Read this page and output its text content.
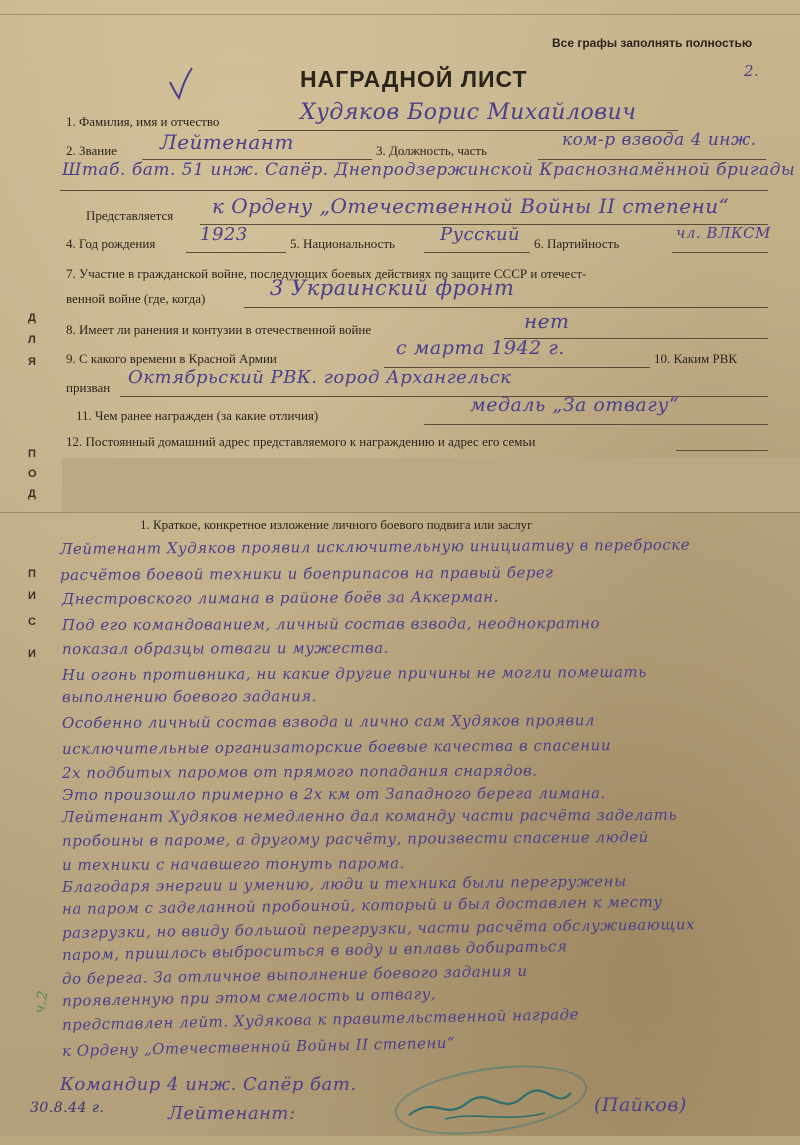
Все графы заполнять полностью
НАГРАДНОЙ ЛИСТ	2.
1. Фамилия, имя и отчество	Худяков Борис Михайлович
2. Звание Лейтенант	3. Должность, часть
ком-р взвода 4 инж.
Штаб. бат. 51 инж. Сапёр. Днепродзержинской Краснознамённой бригады
Представляется к Ордену „Отечественной Войны II степени“
4. Год рождения 1923	5. Национальность	Русский 6. Партийность
чл. ВЛКСМ
7. Участие в гражданской войне, последующих боевых действиях по защите СССР и отечест-
венной войне (где, когда)	3 Украинский фронт
8. Имеет ли ранения и контузии в отечественной войне	нет
9. С какого времени в Красной Армии	с марта 1942 г.	10. Каким РВК
призван Октябрьский РВК. город Архангельск
11. Чем ранее награжден (за какие отличия)	медаль „За отвагу“
12. Постоянный домашний адрес представляемого к награждению и адрес его семьи
1. Краткое, конкретное изложение личного боевого подвига или заслуг
Лейтенант Худяков проявил исключительную инициативу в переброске
расчётов боевой техники и боеприпасов на правый берег
Днестровского лимана в районе боёв за Аккерман.
Под его командованием, личный состав взвода, неоднократно
показал образцы отваги и мужества.
Ни огонь противника, ни какие другие причины не могли помешать
выполнению боевого задания.
Особенно личный состав взвода и лично сам Худяков проявил
исключительные организаторские боевые качества в спасении
2х подбитых паромов от прямого попадания снарядов.
Это произошло примерно в 2х км от Западного берега лимана.
Лейтенант Худяков немедленно дал команду части расчёта заделать
пробоины в пароме, а другому расчёту, произвести спасение людей
и техники с начавшего тонуть парома.
Благодаря энергии и умению, люди и техника были перегружены
на паром с заделанной пробоиной, который и был доставлен к месту
разгрузки, но ввиду большой перегрузки, части расчёта обслуживающих
паром, пришлось выброситься в воду и вплавь добираться
до берега. За отличное выполнение боевого задания и
проявленную при этом смелость и отвагу,
представлен лейт. Худякова к правительственной награде
к Ордену „Отечественной Войны II степени“
Командир 4 инж. Сапёр бат.
Лейтенант:
30.8.44 г.	(Пайков)
Д
Л
Я
П
О
Д
П
И
С
И
ч.2
